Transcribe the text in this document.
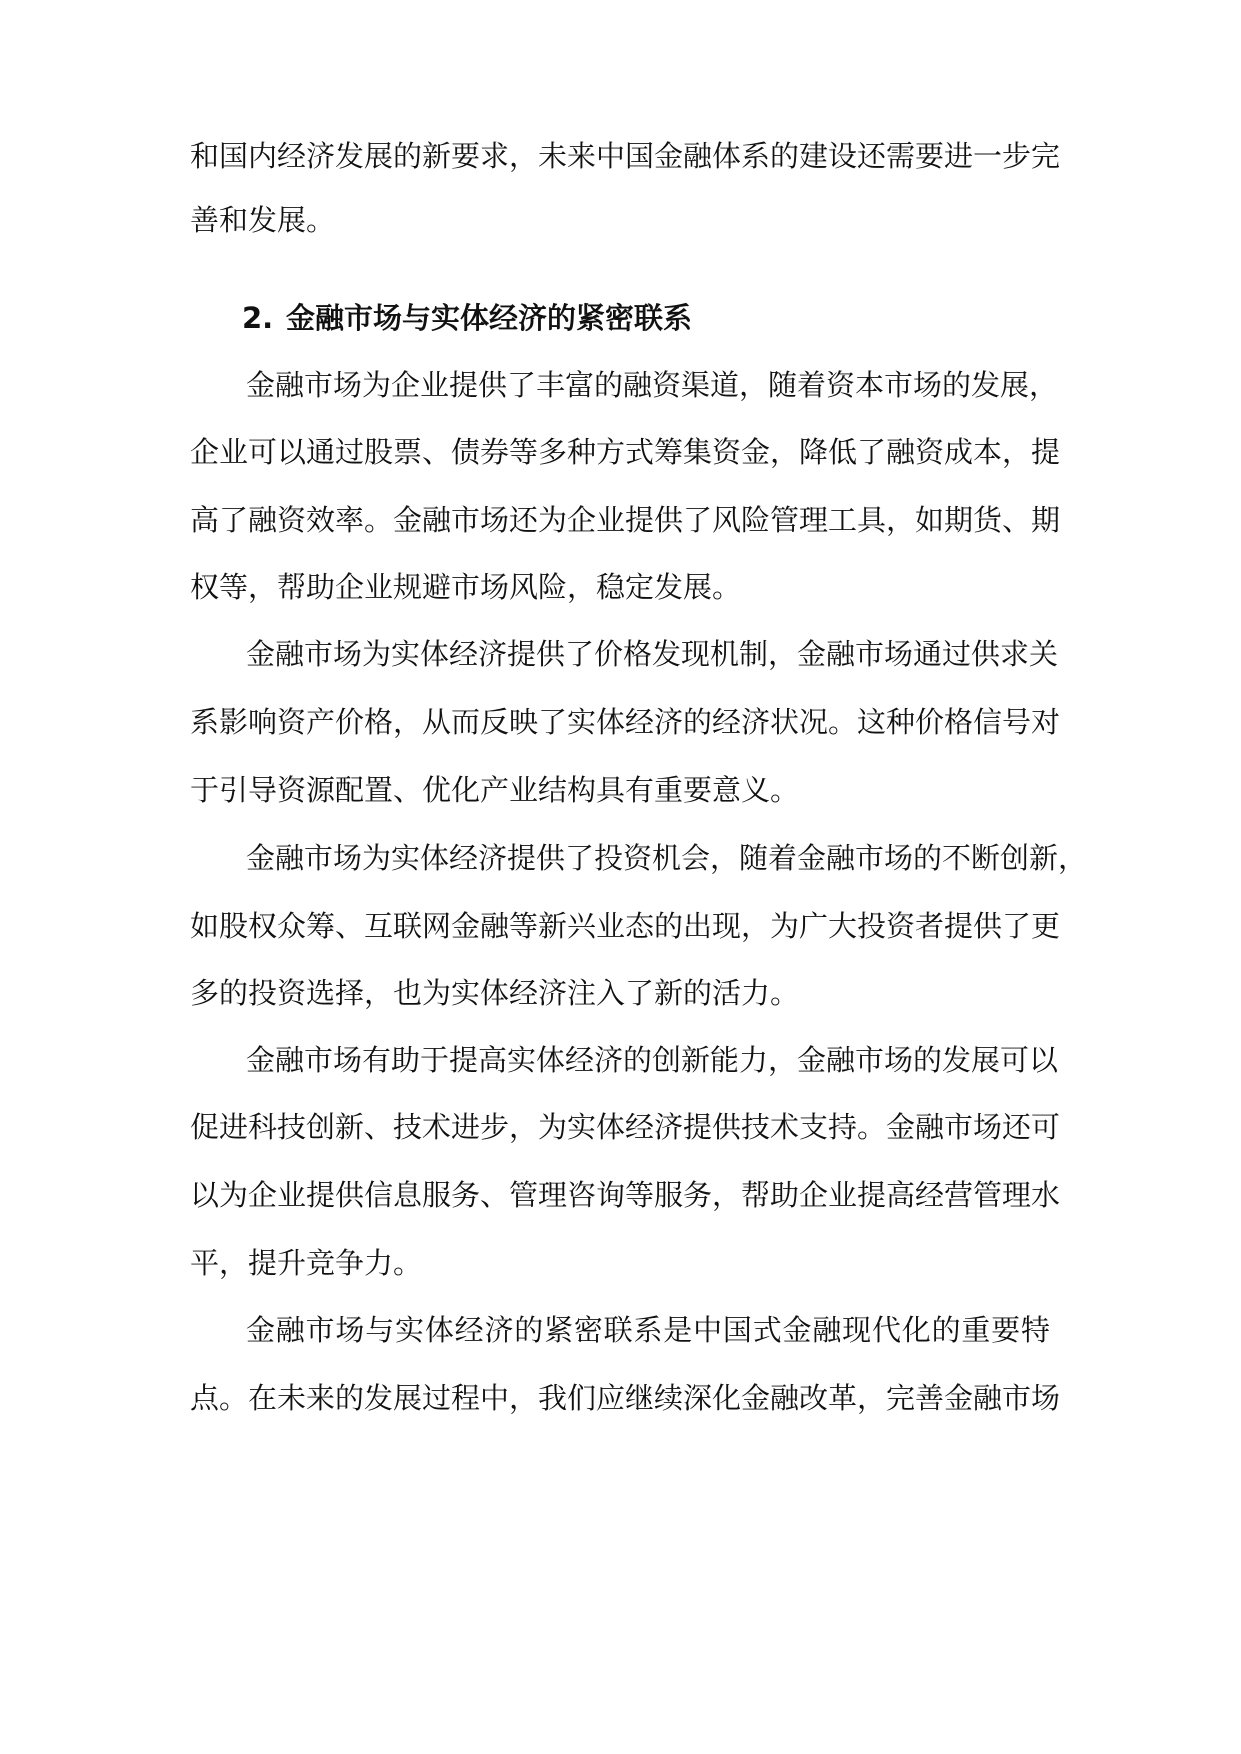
和国内经济发展的新要求，未来中国金融体系的建设还需要进一步完
善和发展。
2. 金融市场与实体经济的紧密联系
金融市场为企业提供了丰富的融资渠道，随着资本市场的发展，
企业可以通过股票、债券等多种方式筹集资金，降低了融资成本，提
高了融资效率。金融市场还为企业提供了风险管理工具，如期货、期
权等，帮助企业规避市场风险，稳定发展。
金融市场为实体经济提供了价格发现机制，金融市场通过供求关
系影响资产价格，从而反映了实体经济的经济状况。这种价格信号对
于引导资源配置、优化产业结构具有重要意义。
金融市场为实体经济提供了投资机会，随着金融市场的不断创新，
如股权众筹、互联网金融等新兴业态的出现，为广大投资者提供了更
多的投资选择，也为实体经济注入了新的活力。
金融市场有助于提高实体经济的创新能力，金融市场的发展可以
促进科技创新、技术进步，为实体经济提供技术支持。金融市场还可
以为企业提供信息服务、管理咨询等服务，帮助企业提高经营管理水
平，提升竞争力。
金融市场与实体经济的紧密联系是中国式金融现代化的重要特
点。在未来的发展过程中，我们应继续深化金融改革，完善金融市场
